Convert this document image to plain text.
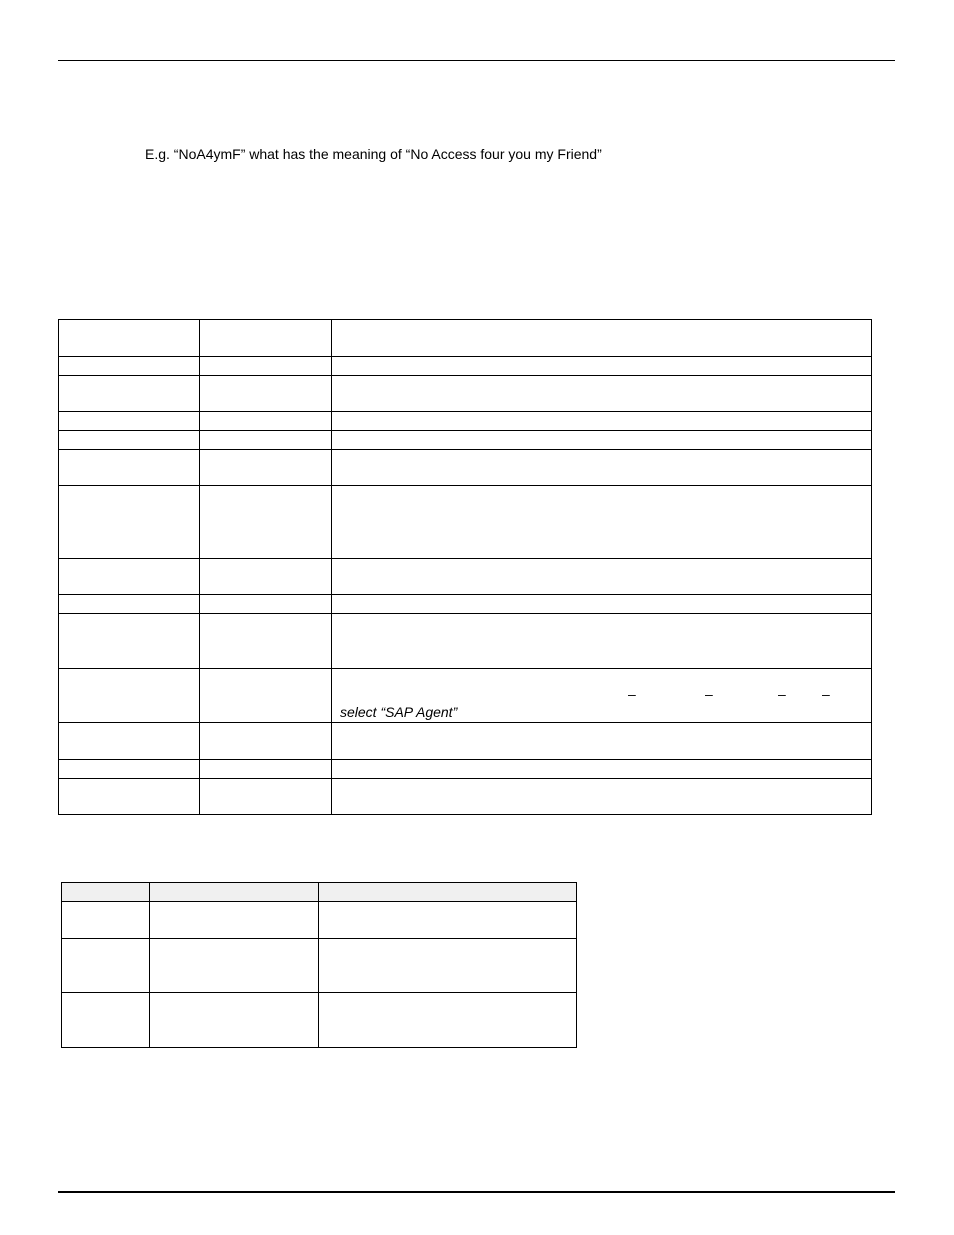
E.g. “NoA4ymF” what has the meaning of “No Access four you my Friend”

		– – – –
select “SAP Agent”
